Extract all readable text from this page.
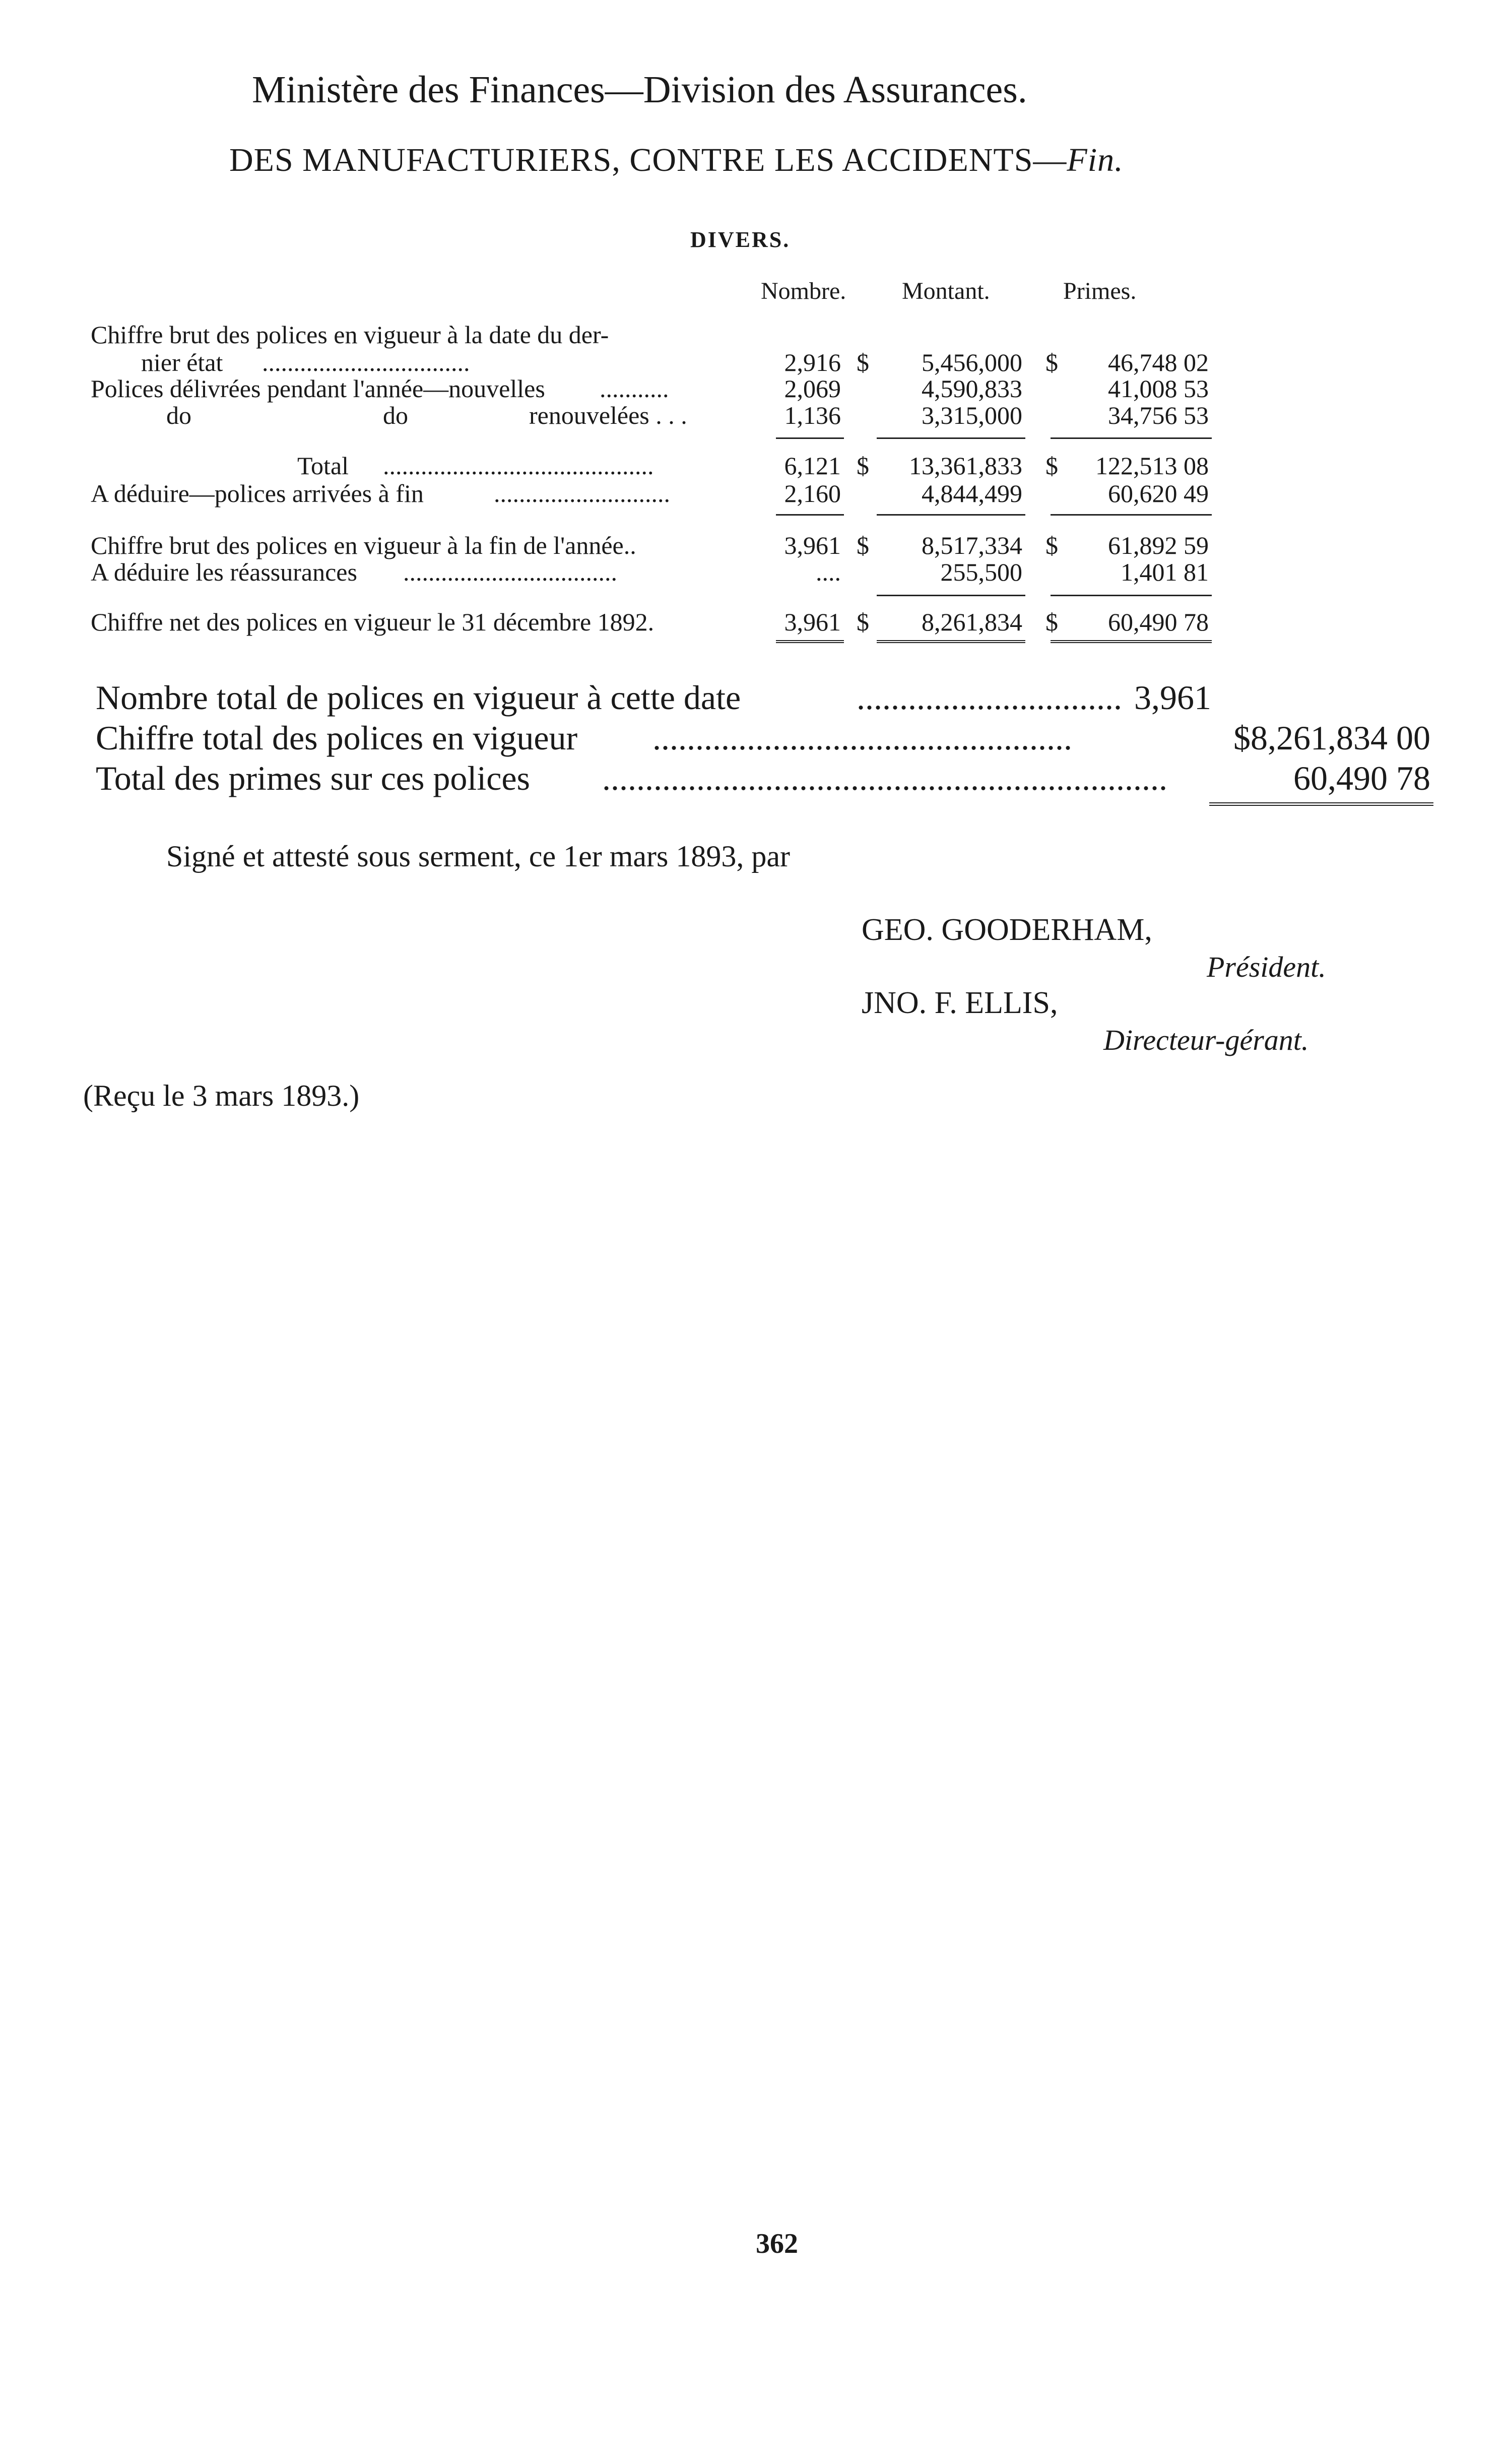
Ministère des Finances—Division des Assurances.
DES MANUFACTURIERS, CONTRE LES ACCIDENTS—Fin.
DIVERS.
Nombre. Montant.	Primes.
Chiffre brut des polices en vigueur à la date du der-
nier état .................................	2,916 $ 5,456,000 $ 46,748 02
Polices délivrées pendant l'année—nouvelles ...........	2,069	4,590,833	41,008 53
do	do	renouvelées . . .	1,136	3,315,000	34,756 53
Total ...........................................	6,121 $ 13,361,833 $ 122,513 08
A déduire—polices arrivées à fin	............................	2,160	4,844,499	60,620 49
Chiffre brut des polices en vigueur à la fin de l'année..	3,961 $ 8,517,334 $ 61,892 59
A déduire les réassurances ..................................	....	255,500	1,401 81
Chiffre net des polices en vigueur le 31 décembre 1892.	3,961 $ 8,261,834 $ 60,490 78
Nombre total de polices en vigueur à cette date	............................... 3,961
Chiffre total des polices en vigueur .................................................	$8,261,834 00
Total des primes sur ces polices ..................................................................	60,490 78
Signé et attesté sous serment, ce 1er mars 1893, par
GEO. GOODERHAM,
Président.
JNO. F. ELLIS,
Directeur-gérant.
(Reçu le 3 mars 1893.)
362
